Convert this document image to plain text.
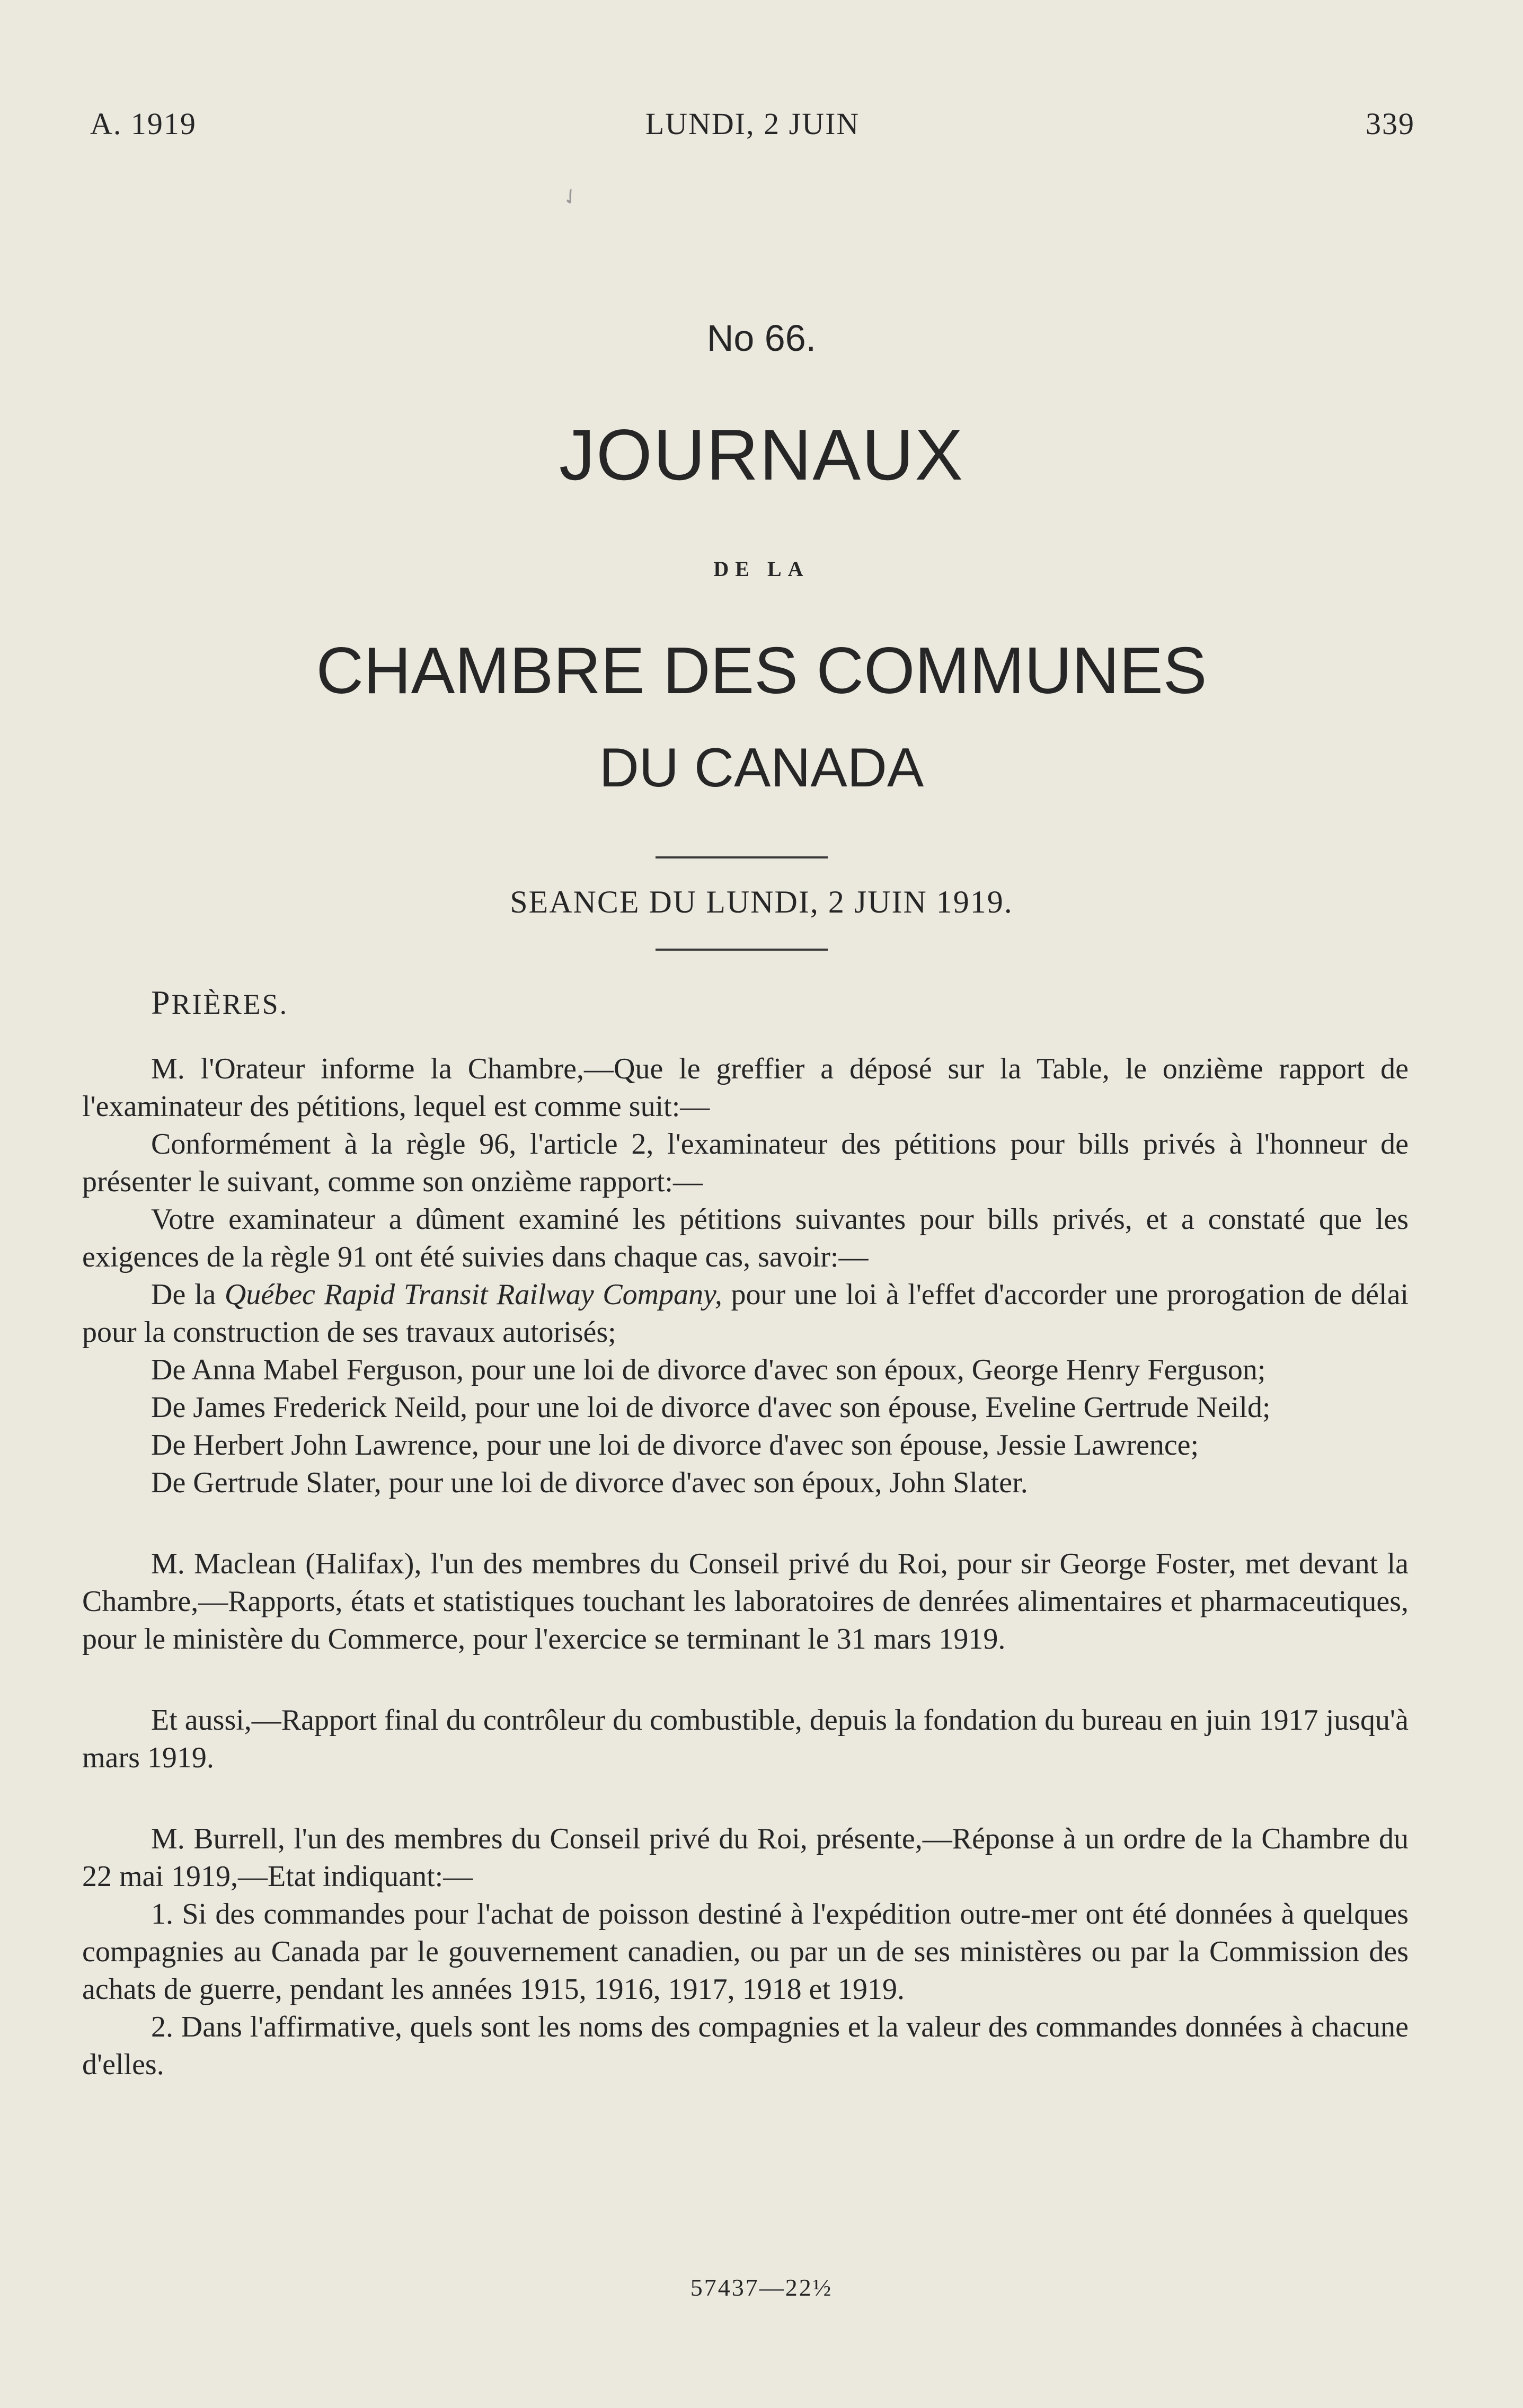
A. 1919	LUNDI, 2 JUIN	339
✓
No 66.
JOURNAUX
DE LA
CHAMBRE DES COMMUNES
DU CANADA
SEANCE DU LUNDI, 2 JUIN 1919.
PRIÈRES.

M. l'Orateur informe la Chambre,—Que le greffier a déposé sur la Table, le onzième rapport de l'examinateur des pétitions, lequel est comme suit:—

Conformément à la règle 96, l'article 2, l'examinateur des pétitions pour bills privés à l'honneur de présenter le suivant, comme son onzième rapport:—

Votre examinateur a dûment examiné les pétitions suivantes pour bills privés, et a constaté que les exigences de la règle 91 ont été suivies dans chaque cas, savoir:—

De la Québec Rapid Transit Railway Company, pour une loi à l'effet d'accorder une prorogation de délai pour la construction de ses travaux autorisés;

De Anna Mabel Ferguson, pour une loi de divorce d'avec son époux, George Henry Ferguson;

De James Frederick Neild, pour une loi de divorce d'avec son épouse, Eveline Gertrude Neild;

De Herbert John Lawrence, pour une loi de divorce d'avec son épouse, Jessie Lawrence;

De Gertrude Slater, pour une loi de divorce d'avec son époux, John Slater.

M. Maclean (Halifax), l'un des membres du Conseil privé du Roi, pour sir George Foster, met devant la Chambre,—Rapports, états et statistiques touchant les laboratoires de denrées alimentaires et pharmaceutiques, pour le ministère du Commerce, pour l'exercice se terminant le 31 mars 1919.

Et aussi,—Rapport final du contrôleur du combustible, depuis la fondation du bureau en juin 1917 jusqu'à mars 1919.

M. Burrell, l'un des membres du Conseil privé du Roi, présente,—Réponse à un ordre de la Chambre du 22 mai 1919,—Etat indiquant:—

1. Si des commandes pour l'achat de poisson destiné à l'expédition outre-mer ont été données à quelques compagnies au Canada par le gouvernement canadien, ou par un de ses ministères ou par la Commission des achats de guerre, pendant les années 1915, 1916, 1917, 1918 et 1919.

2. Dans l'affirmative, quels sont les noms des compagnies et la valeur des commandes données à chacune d'elles.

57437—22½
